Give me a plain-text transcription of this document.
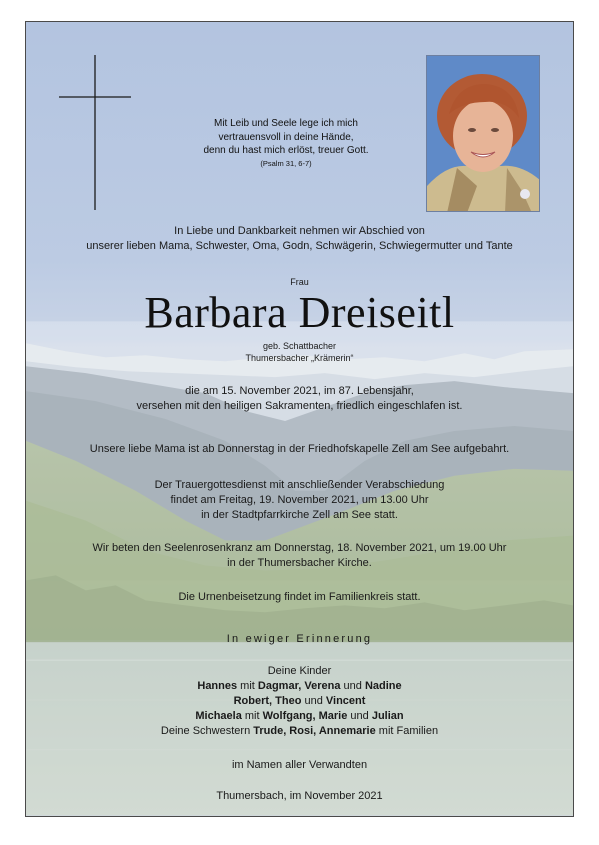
Mit Leib und Seele lege ich mich
vertrauensvoll in deine Hände,
denn du hast mich erlöst, treuer Gott.
(Psalm 31, 6-7)
In Liebe und Dankbarkeit nehmen wir Abschied von
unserer lieben Mama, Schwester, Oma, Godn, Schwägerin, Schwiegermutter und Tante
Frau
Barbara Dreiseitl
geb. Schattbacher
Thumersbacher „Krämerin“
die am 15. November 2021, im 87. Lebensjahr,
versehen mit den heiligen Sakramenten, friedlich eingeschlafen ist.
Unsere liebe Mama ist ab Donnerstag in der Friedhofskapelle Zell am See aufgebahrt.
Der Trauergottesdienst mit anschließender Verabschiedung
findet am Freitag, 19. November 2021, um 13.00 Uhr
in der Stadtpfarrkirche Zell am See statt.
Wir beten den Seelenrosenkranz am Donnerstag, 18. November 2021, um 19.00 Uhr
in der Thumersbacher Kirche.
Die Urnenbeisetzung findet im Familienkreis statt.
In ewiger Erinnerung
Deine Kinder
Hannes mit Dagmar, Verena und Nadine
Robert, Theo und Vincent
Michaela mit Wolfgang, Marie und Julian
Deine Schwestern Trude, Rosi, Annemarie mit Familien
im Namen aller Verwandten
Thumersbach, im November 2021
